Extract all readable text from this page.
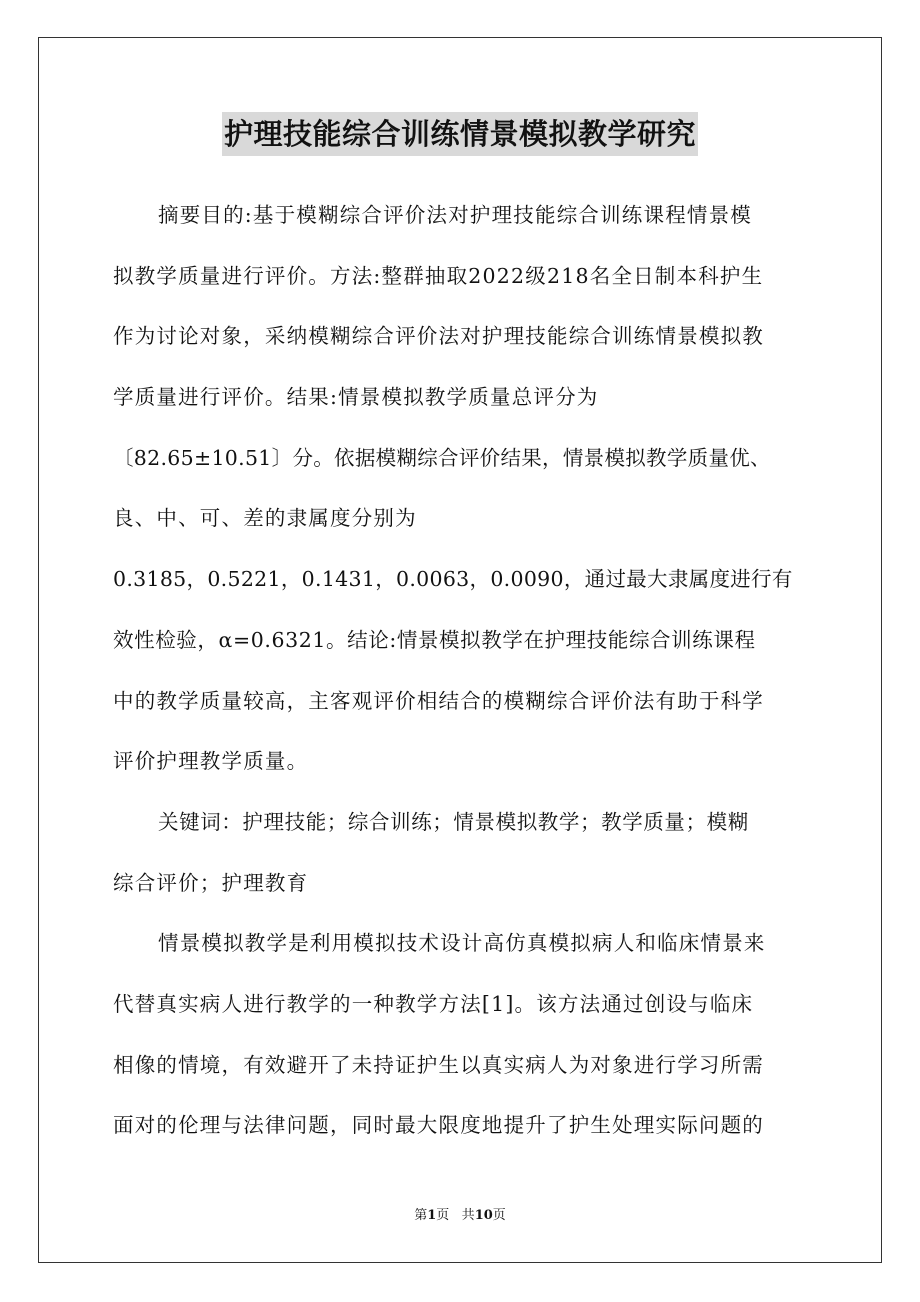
护理技能综合训练情景模拟教学研究
摘要目的:基于模糊综合评价法对护理技能综合训练课程情景模
拟教学质量进行评价。方法:整群抽取2022级218名全日制本科护生
作为讨论对象，采纳模糊综合评价法对护理技能综合训练情景模拟教
学质量进行评价。结果:情景模拟教学质量总评分为
〔82.65±10.51〕分。依据模糊综合评价结果，情景模拟教学质量优、
良、中、可、差的隶属度分别为
0.3185，0.5221，0.1431，0.0063，0.0090，通过最大隶属度进行有
效性检验，α=0.6321。结论:情景模拟教学在护理技能综合训练课程
中的教学质量较高，主客观评价相结合的模糊综合评价法有助于科学
评价护理教学质量。
关键词：护理技能；综合训练；情景模拟教学；教学质量；模糊
综合评价；护理教育
情景模拟教学是利用模拟技术设计高仿真模拟病人和临床情景来
代替真实病人进行教学的一种教学方法[1]。该方法通过创设与临床
相像的情境，有效避开了未持证护生以真实病人为对象进行学习所需
面对的伦理与法律问题，同时最大限度地提升了护生处理实际问题的
第1页 共10页
